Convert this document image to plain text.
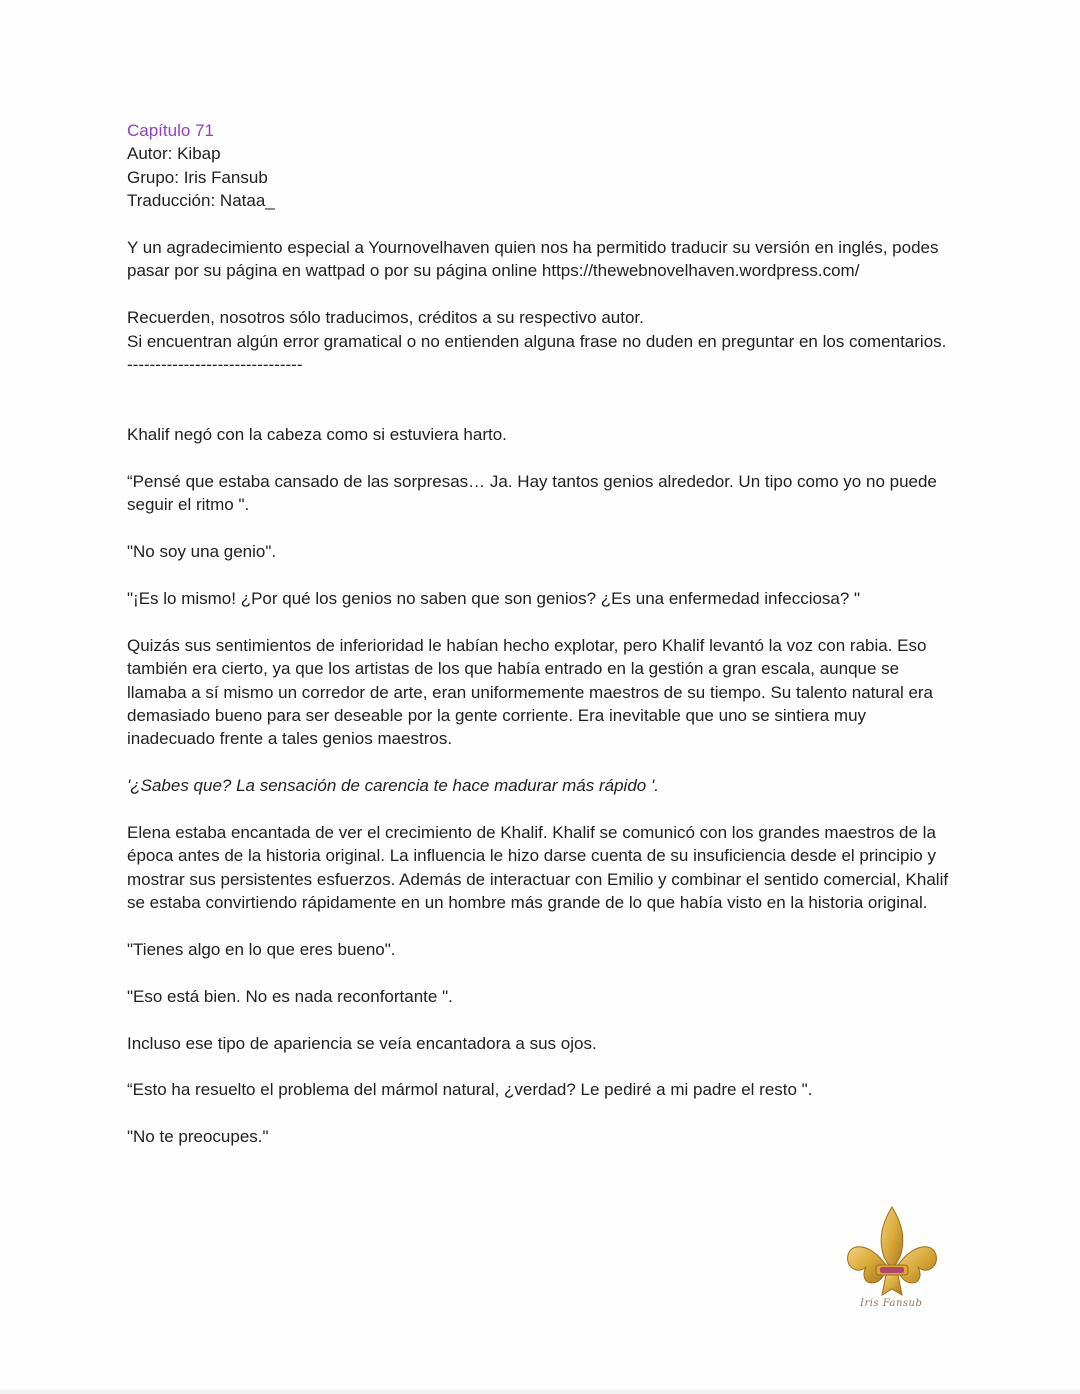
Capítulo 71

Autor: Kibap

Grupo: Iris Fansub

Traducción: Nataa_

Y un agradecimiento especial a Yournovelhaven quien nos ha permitido traducir su versión en inglés, podes pasar por su página en wattpad o por su página online https://thewebnovelhaven.wordpress.com/

Recuerden, nosotros sólo traducimos, créditos a su respectivo autor.

Si encuentran algún error gramatical o no entienden alguna frase no duden en preguntar en los comentarios.

-------------------------------

Khalif negó con la cabeza como si estuviera harto.

“Pensé que estaba cansado de las sorpresas… Ja. Hay tantos genios alrededor. Un tipo como yo no puede seguir el ritmo ".

"No soy una genio".

"¡Es lo mismo! ¿Por qué los genios no saben que son genios? ¿Es una enfermedad infecciosa? "

Quizás sus sentimientos de inferioridad le habían hecho explotar, pero Khalif levantó la voz con rabia. Eso también era cierto, ya que los artistas de los que había entrado en la gestión a gran escala, aunque se llamaba a sí mismo un corredor de arte, eran uniformemente maestros de su tiempo. Su talento natural era demasiado bueno para ser deseable por la gente corriente. Era inevitable que uno se sintiera muy inadecuado frente a tales genios maestros.

'¿Sabes que? La sensación de carencia te hace madurar más rápido '.

Elena estaba encantada de ver el crecimiento de Khalif. Khalif se comunicó con los grandes maestros de la época antes de la historia original. La influencia le hizo darse cuenta de su insuficiencia desde el principio y mostrar sus persistentes esfuerzos. Además de interactuar con Emilio y combinar el sentido comercial, Khalif se estaba convirtiendo rápidamente en un hombre más grande de lo que había visto en la historia original.

"Tienes algo en lo que eres bueno".

"Eso está bien. No es nada reconfortante ".

Incluso ese tipo de apariencia se veía encantadora a sus ojos.

“Esto ha resuelto el problema del mármol natural, ¿verdad? Le pediré a mi padre el resto ".

"No te preocupes."

Iris Fansub
